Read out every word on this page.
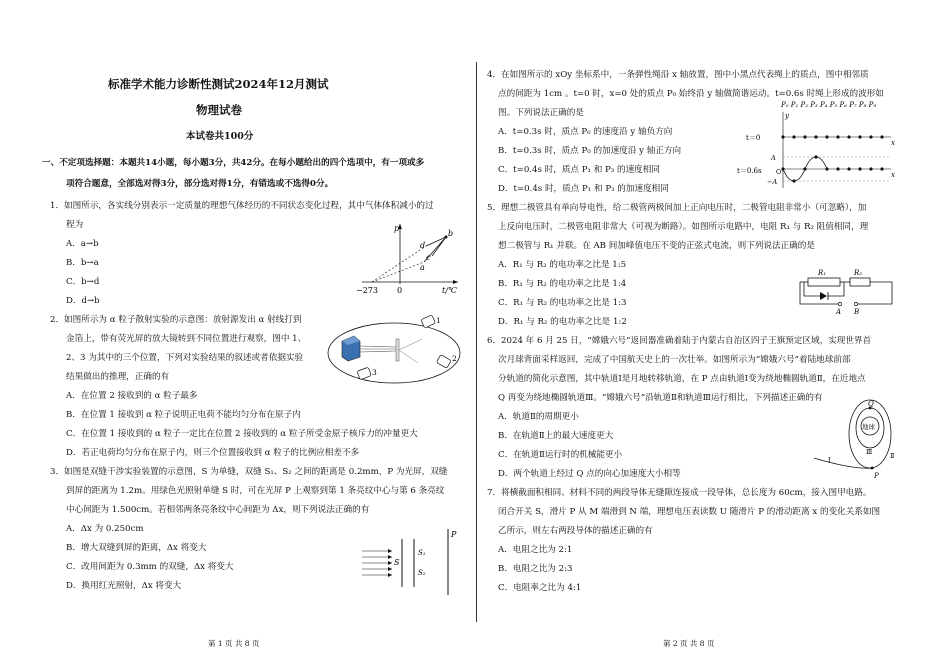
标准学术能力诊断性测试2024年12月测试
物理试卷
本试卷共100分
一、不定项选择题：本题共14小题，每小题3分，共42分。在每小题给出的四个选项中，有一项或多
项符合题意，全部选对得3分，部分选对得1分，有错选或不选得0分。
1．如图所示，各实线分别表示一定质量的理想气体经历的不同状态变化过程，其中气体体积减小的过
程为
A．a→b
B．b→a
C．b→d
D．d→b
p
d
b
c
a
−273 0	t/℃
2．如图所示为 α 粒子散射实验的示意图：放射源发出 α 射线打到
金箔上，带有荧光屏的放大镜转到不同位置进行观察，图中 1、
2、3 为其中的三个位置，下列对实验结果的叙述或者依据实验
结果做出的推理，正确的有
A．在位置 2 接收到的 α 粒子最多
B．在位置 1 接收到 α 粒子说明正电荷不能均匀分布在原子内
C．在位置 1 接收到的 α 粒子一定比在位置 2 接收到的 α 粒子所受金原子核斥力的冲量更大
D．若正电荷均匀分布在原子内，则三个位置接收到 α 粒子的比例应相差不多
1
2
3
3．如图是双缝干涉实验装置的示意图，S 为单缝，双缝 S₁、S₂ 之间的距离是 0.2mm，P 为光屏，双缝
到屏的距离为 1.2m。用绿色光照射单缝 S 时，可在光屏 P 上观察到第 1 条亮纹中心与第 6 条亮纹
中心间距为 1.500cm。若相邻两条亮条纹中心间距为 Δx，则下列说法正确的有
A．Δx 为 0.250cm
B．增大双缝到屏的距离，Δx 将变大
C．改用间距为 0.3mm 的双缝，Δx 将变大
D．换用红光照射，Δx 将变大
S
S₁
S₂
P
第 1 页 共 8 页
4．在如图所示的 xOy 坐标系中，一条弹性绳沿 x 轴放置，图中小黑点代表绳上的质点，图中相邻质
点的间距为 1cm 。t=0 时，x=0 处的质点 P₀ 始终沿 y 轴做简谐运动。t=0.6s 时绳上形成的波形如
图。下列说法正确的是
A．t=0.3s 时，质点 P₀ 的速度沿 y 轴负方向
B．t=0.3s 时，质点 P₀ 的加速度沿 y 轴正方向
C．t=0.4s 时，质点 P₁ 和 P₃ 的速度相同
D．t=0.4s 时，质点 P₁ 和 P₃ 的加速度相同
P₀ P₁ P₂ P₃ P₄ P₅ P₆ P₇ P₈ P₉
y
t＝0
x
t＝0.6s
A
−A
O	x
5．理想二极管具有单向导电性，给二极管两极间加上正向电压时，二极管电阻非常小（可忽略），加
上反向电压时，二极管电阻非常大（可视为断路）。如图所示电路中，电阻 R₁ 与 R₂ 阻值相同，理
想二极管与 R₁ 并联。在 AB 间加峰值电压不变的正弦式电流，则下列说法正确的是
A．R₁ 与 R₂ 的电功率之比是 1:5
B．R₁ 与 R₂ 的电功率之比是 1:4
C．R₁ 与 R₂ 的电功率之比是 1:3
D．R₁ 与 R₂ 的电功率之比是 1:2
R₁	R₂
A B
6．2024 年 6 月 25 日，“嫦娥六号”返回器准确着陆于内蒙古自治区四子王旗预定区域，实现世界首
次月球背面采样返回，完成了中国航天史上的一次壮举。如图所示为“嫦娥六号”着陆地球前部
分轨道的简化示意图，其中轨道Ⅰ是月地转移轨道，在 P 点由轨道Ⅰ变为绕地椭圆轨道Ⅱ，在近地点
Q 再变为绕地椭圆轨道Ⅲ。“嫦娥六号”沿轨道Ⅱ和轨道Ⅲ运行相比，下列描述正确的有
A．轨道Ⅱ的周期更小
B．在轨道Ⅱ上的最大速度更大
C．在轨道Ⅱ运行时的机械能更小
D．两个轨道上经过 Q 点的向心加速度大小相等
Q
地球
Ⅲ	Ⅱ
Ⅰ
P
7．将横截面积相同、材料不同的两段导体无缝隙连接成一段导体，总长度为 60cm，接入图甲电路。
闭合开关 S，滑片 P 从 M 端滑到 N 端，理想电压表读数 U 随滑片 P 的滑动距离 x 的变化关系如图
乙所示，则左右两段导体的描述正确的有
A．电阻之比为 2:1
B．电阻之比为 2:3
C．电阻率之比为 4:1
第 2 页 共 8 页
